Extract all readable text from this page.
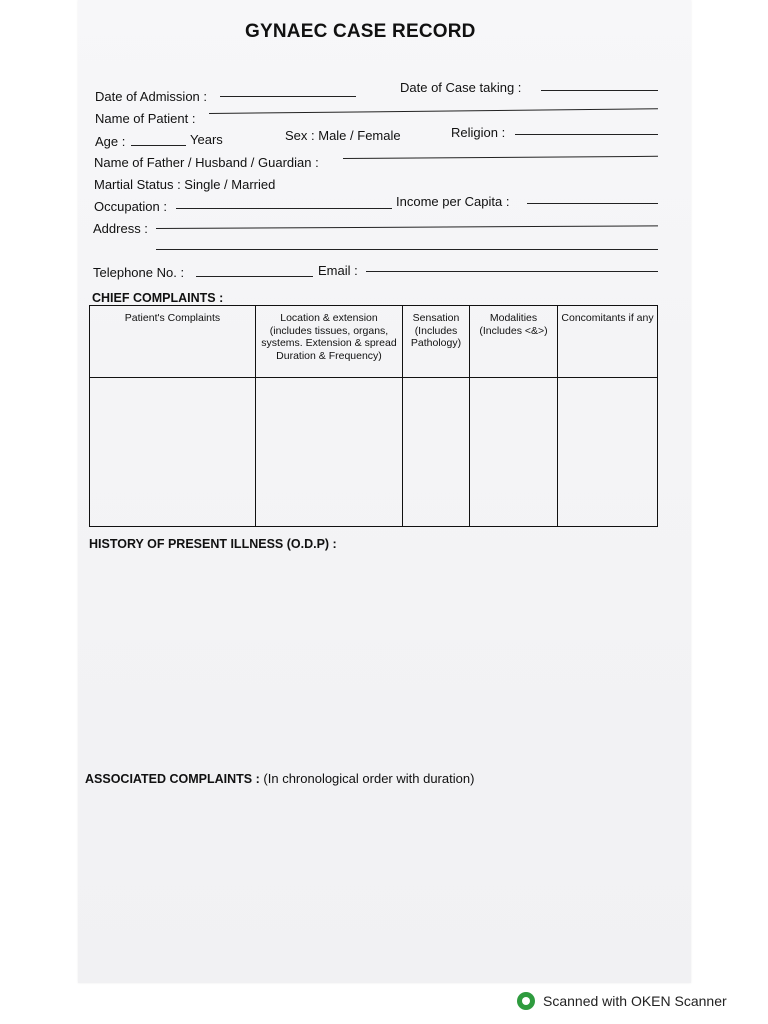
GYNAEC CASE RECORD
Date of Admission :
Date of Case taking :
Name of Patient :
Age :	Years	Sex : Male / Female	Religion :
Name of Father / Husband / Guardian :
Martial Status : Single / Married
Occupation :	Income per Capita :
Address :
Telephone No. :	Email :
CHIEF COMPLAINTS :
Patient's Complaints	Location & extension (includes tissues, organs, systems. Extension & spread Duration & Frequency)	Sensation (Includes Pathology)	Modalities (Includes <&>)	Concomitants if any

HISTORY OF PRESENT ILLNESS (O.D.P) :
ASSOCIATED COMPLAINTS : (In chronological order with duration)
Scanned with OKEN Scanner
